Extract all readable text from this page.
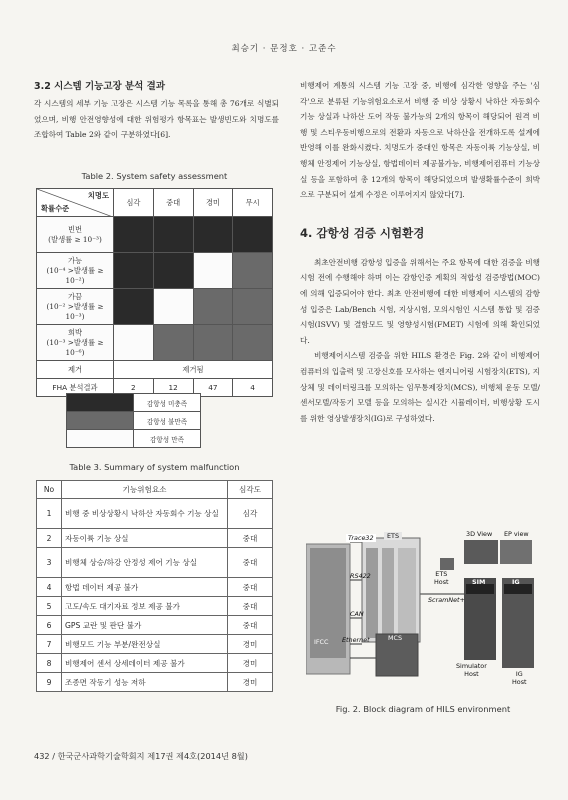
최승기 · 문정호 · 고준수
3.2 시스템 기능고장 분석 결과

각 시스템의 세부 기능 고장은 시스템 기능 목록을 통해 총 76개로 식별되었으며, 비행 안전영향성에 대한 위험평가 항목표는 발생빈도와 치명도를 조합하여 Table 2와 같이 구분하였다[6].

Table 2. System safety assessment
치명도
확률수준	심각	중대	경미	무시

빈번
(발생률 ≥ 10⁻³)				

가능
(10⁻⁴ >발생률 ≥ 10⁻²)				

가끔
(10⁻² >발생률 ≥ 10⁻³)				

희박
(10⁻³ >발생률 ≥ 10⁻⁶)				

제거	제거됨			
FHA 분석결과	2	12	47	4
	감항성 미충족
	감항성 불만족
	감항성 만족
Table 3. Summary of system malfunction
No	기능위험요소	심각도
1	비행 중 비상상황시 낙하산 자동회수 기능 상실	심각
2	자동이륙 기능 상실	중대
3	비행체 상승/하강 안정성 제어 기능 상실	중대
4	항법 데이터 제공 불가	중대
5	고도/속도 대기자료 정보 제공 불가	중대
6	GPS 교란 및 판단 불가	중대
7	비행모드 기능 부분/완전상실	경미
8	비행제어 센서 상세데이터 제공 불가	경미
9	조종면 작동기 성능 저하	경미
432 / 한국군사과학기술학회지 제17권 제4호(2014년 8월)

비행제어 계통의 시스템 기능 고장 중, 비행에 심각한 영향을 주는 '심각'으로 분류된 기능위험요소로서 비행 중 비상 상황시 낙하산 자동회수 기능 상실과 나하산 도어 작동 불가능의 2개의 항목이 해당되어 원격 비행 및 스티우동비행으로의 전환과 자동으로 낙하산을 전개하도록 설계에 반영해 이를 완화시켰다. 치명도가 중대인 항목은 자동이륙 기능상실, 비행체 안정제어 기능상실, 항법데이터 제공불가능, 비행제어컴퓨터 기능상실 등을 포함하여 총 12개의 항목이 해당되었으며 발생확률수준이 희박으로 구분되어 설계 수정은 이루어지지 않았다[7].

4. 감항성 검증 시험환경

최초안전비행 감항성 입증을 위해서는 주요 항목에 대한 검증을 비행시험 전에 수행해야 하며 이는 감항인증 계획의 적합성 검증방법(MOC)에 의해 입증되어야 한다. 최초 안전비행에 대한 비행제어 시스템의 감항성 입증은 Lab/Bench 시험, 지상시험, 모의시험인 시스템 통합 및 검증시험(ISVV) 및 결함모드 및 영향성시험(FMET) 시험에 의해 확인되었다.

비행제어시스템 검증을 위한 HILS 환경은 Fig. 2와 같이 비행제어컴퓨터의 입출력 및 고장신호를 모사하는 엔지니어링 시험장치(ETS), 지상체 및 데이터링크를 모의하는 임무통제장치(MCS), 비행체 운동 모델/센서모델/작동기 모델 등을 모의하는 실시간 시뮬레이터, 비행상황 도시를 위한 영상발생장치(IG)로 구성하였다.

Trace32	ETS
ETS
Host
3D View EP view
RS422
ScramNet+
SIM	IG
CAN
IFCC Ethernet	MCS
Simulator
Host	IG
Host
Fig. 2. Block diagram of HILS environment
